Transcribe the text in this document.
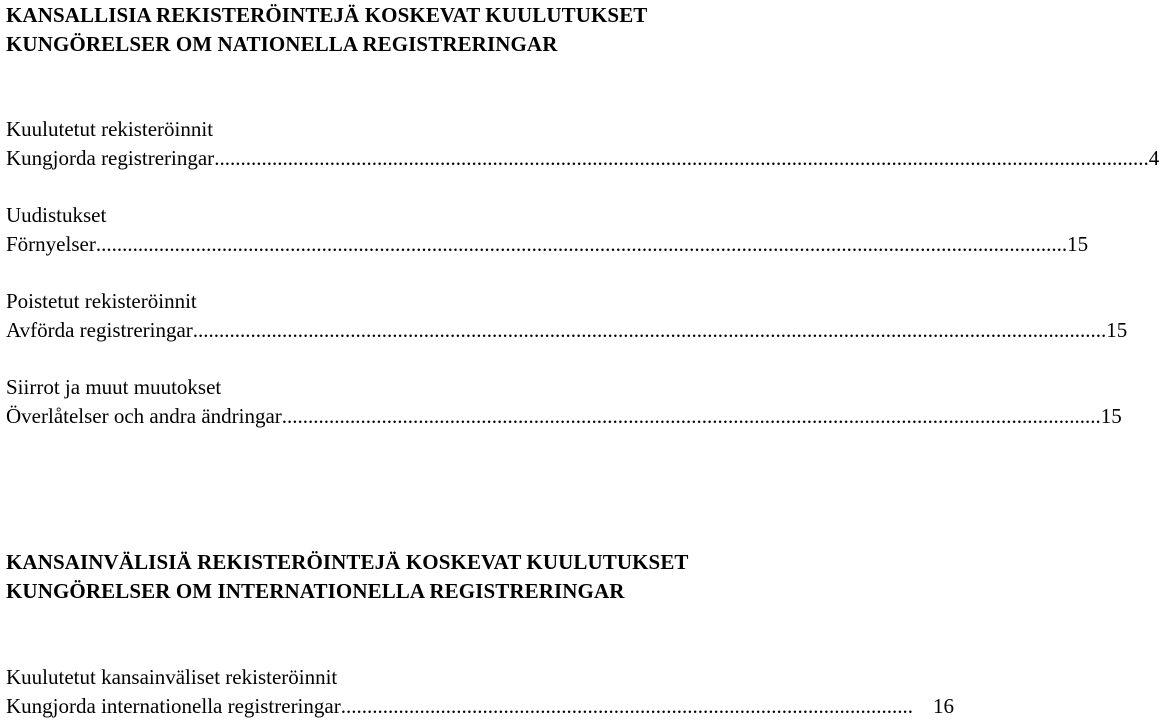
KANSALLISIA REKISTERÖINTEJÄ KOSKEVAT KUULUTUKSET
KUNGÖRELSER OM NATIONELLA REGISTRERINGAR
Kuulutetut rekisteröinnit
Kungjorda registreringar .................................................................................................................................................................................. 4
Uudistukset
Förnyelser ......................................................................................................................................................................................... 15
Poistetut rekisteröinnit
Avförda registreringar .............................................................................................................................................................................. 15
Siirrot ja muut muutokset
Överlåtelser och andra ändringar ............................................................................................................................................................ 15
KANSAINVÄLISIÄ REKISTERÖINTEJÄ KOSKEVAT KUULUTUKSET
KUNGÖRELSER OM INTERNATIONELLA REGISTRERINGAR
Kuulutetut kansainväliset rekisteröinnit
Kungjorda internationella registreringar ............................................................................................................. 16
